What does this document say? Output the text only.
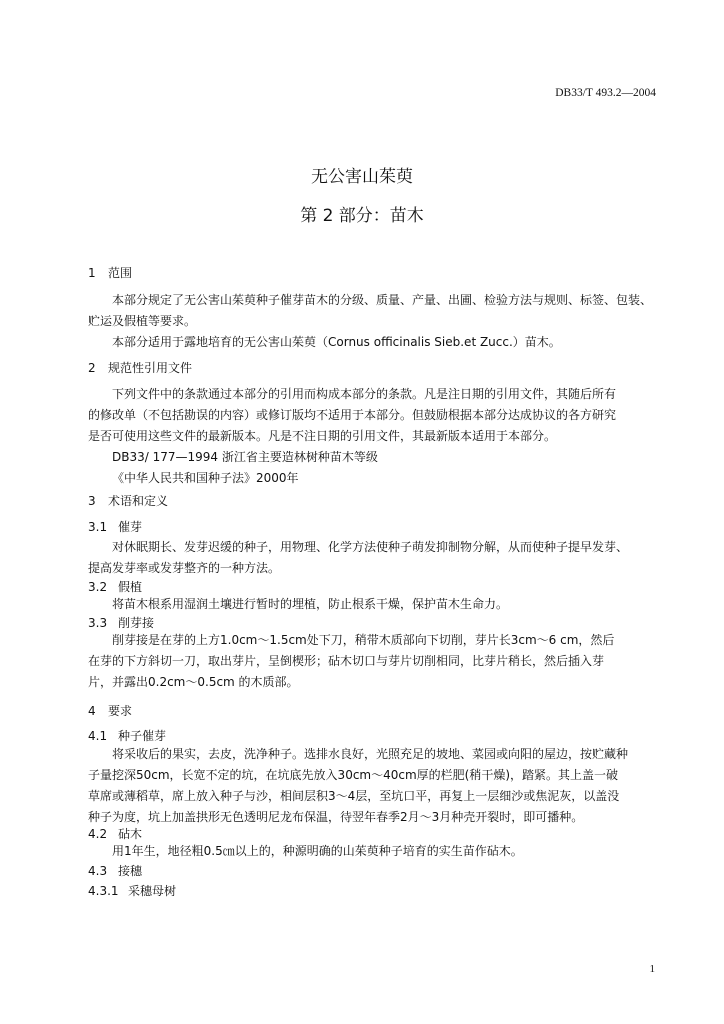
DB33/T 493.2—2004
无公害山茱萸
第 2 部分：苗木
1 范围
本部分规定了无公害山茱萸种子催芽苗木的分级、质量、产量、出圃、检验方法与规则、标签、包装、
贮运及假植等要求。
本部分适用于露地培育的无公害山茱萸（Cornus officinalis Sieb.et Zucc.）苗木。
2 规范性引用文件
下列文件中的条款通过本部分的引用而构成本部分的条款。凡是注日期的引用文件，其随后所有
的修改单（不包括勘误的内容）或修订版均不适用于本部分。但鼓励根据本部分达成协议的各方研究
是否可使用这些文件的最新版本。凡是不注日期的引用文件，其最新版本适用于本部分。
DB33/ 177—1994 浙江省主要造林树种苗木等级
《中华人民共和国种子法》2000年
3 术语和定义
3.1 催芽
对休眠期长、发芽迟缓的种子，用物理、化学方法使种子萌发抑制物分解，从而使种子提早发芽、
提高发芽率或发芽整齐的一种方法。
3.2 假植
将苗木根系用湿润土壤进行暂时的埋植，防止根系干燥，保护苗木生命力。
3.3 削芽接
削芽接是在芽的上方1.0cm～1.5cm处下刀，稍带木质部向下切削，芽片长3cm～6 cm，然后
在芽的下方斜切一刀，取出芽片，呈倒楔形；砧木切口与芽片切削相同，比芽片稍长，然后插入芽
片，并露出0.2cm～0.5cm 的木质部。
4 要求
4.1 种子催芽
将采收后的果实，去皮，洗净种子。选排水良好，光照充足的坡地、菜园或向阳的屋边，按贮藏种
子量挖深50cm，长宽不定的坑，在坑底先放入30cm～40cm厚的栏肥(稍干燥)，踏紧。其上盖一破
草席或薄稻草，席上放入种子与沙，相间层积3～4层，至坑口平，再复上一层细沙或焦泥灰，以盖没
种子为度，坑上加盖拱形无色透明尼龙布保温，待翌年春季2月～3月种壳开裂时，即可播种。
4.2 砧木
用1年生，地径粗0.5㎝以上的，种源明确的山茱萸种子培育的实生苗作砧木。
4.3 接穗
4.3.1 采穗母树
1
